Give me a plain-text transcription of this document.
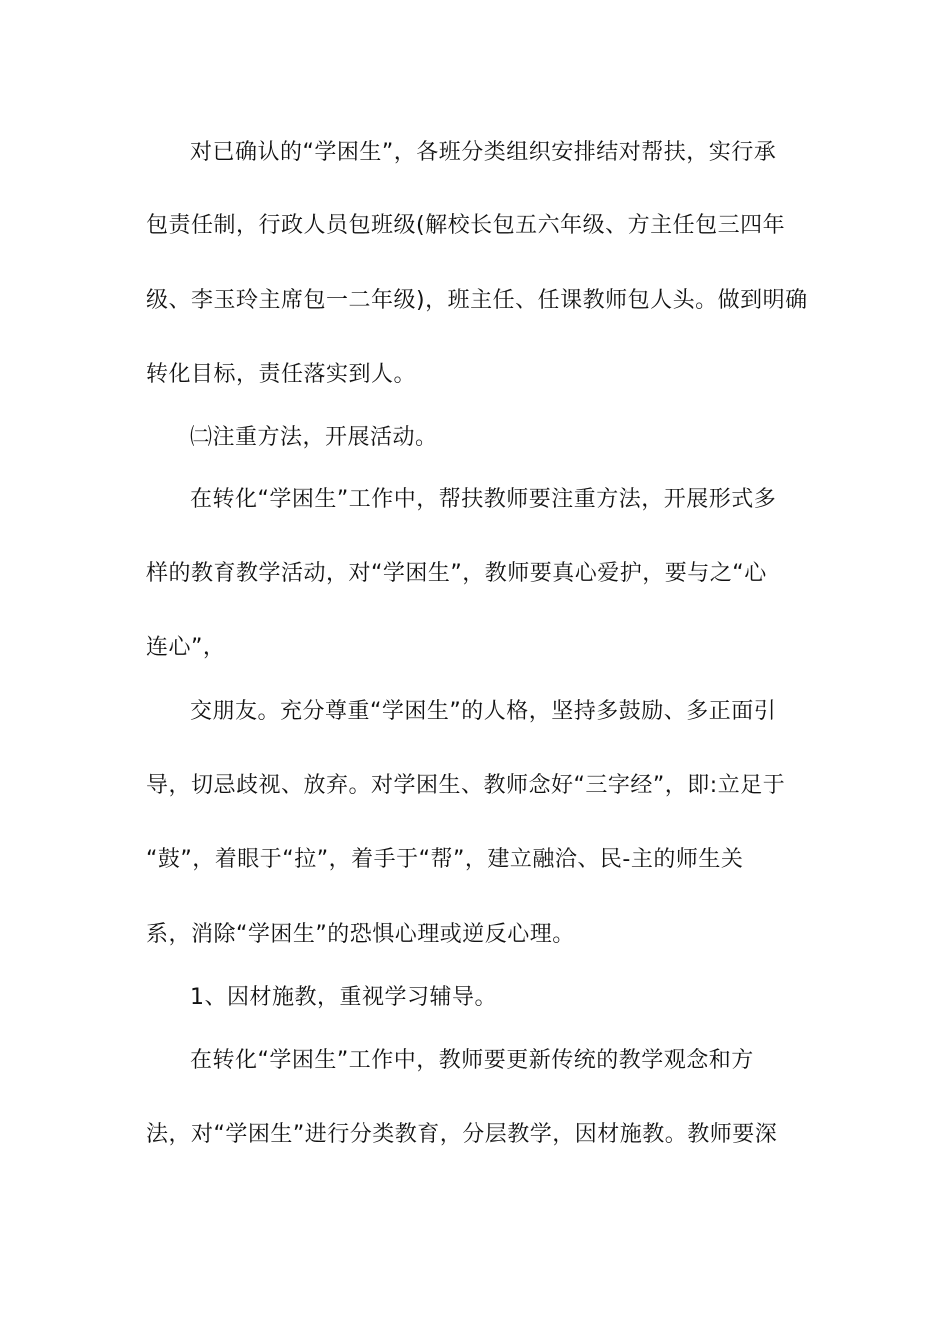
对已确认的“学困生”，各班分类组织安排结对帮扶，实行承
包责任制，行政人员包班级(解校长包五六年级、方主任包三四年
级、李玉玲主席包一二年级)，班主任、任课教师包人头。做到明确
转化目标，责任落实到人。
㈡注重方法，开展活动。
在转化“学困生”工作中，帮扶教师要注重方法，开展形式多
样的教育教学活动，对“学困生”，教师要真心爱护，要与之“心
连心”，
交朋友。充分尊重“学困生”的人格，坚持多鼓励、多正面引
导，切忌歧视、放弃。对学困生、教师念好“三字经”，即:立足于
“鼓”，着眼于“拉”，着手于“帮”，建立融洽、民-主的师生关
系，消除“学困生”的恐惧心理或逆反心理。
1、因材施教，重视学习辅导。
在转化“学困生”工作中，教师要更新传统的教学观念和方
法，对“学困生”进行分类教育，分层教学，因材施教。教师要深
